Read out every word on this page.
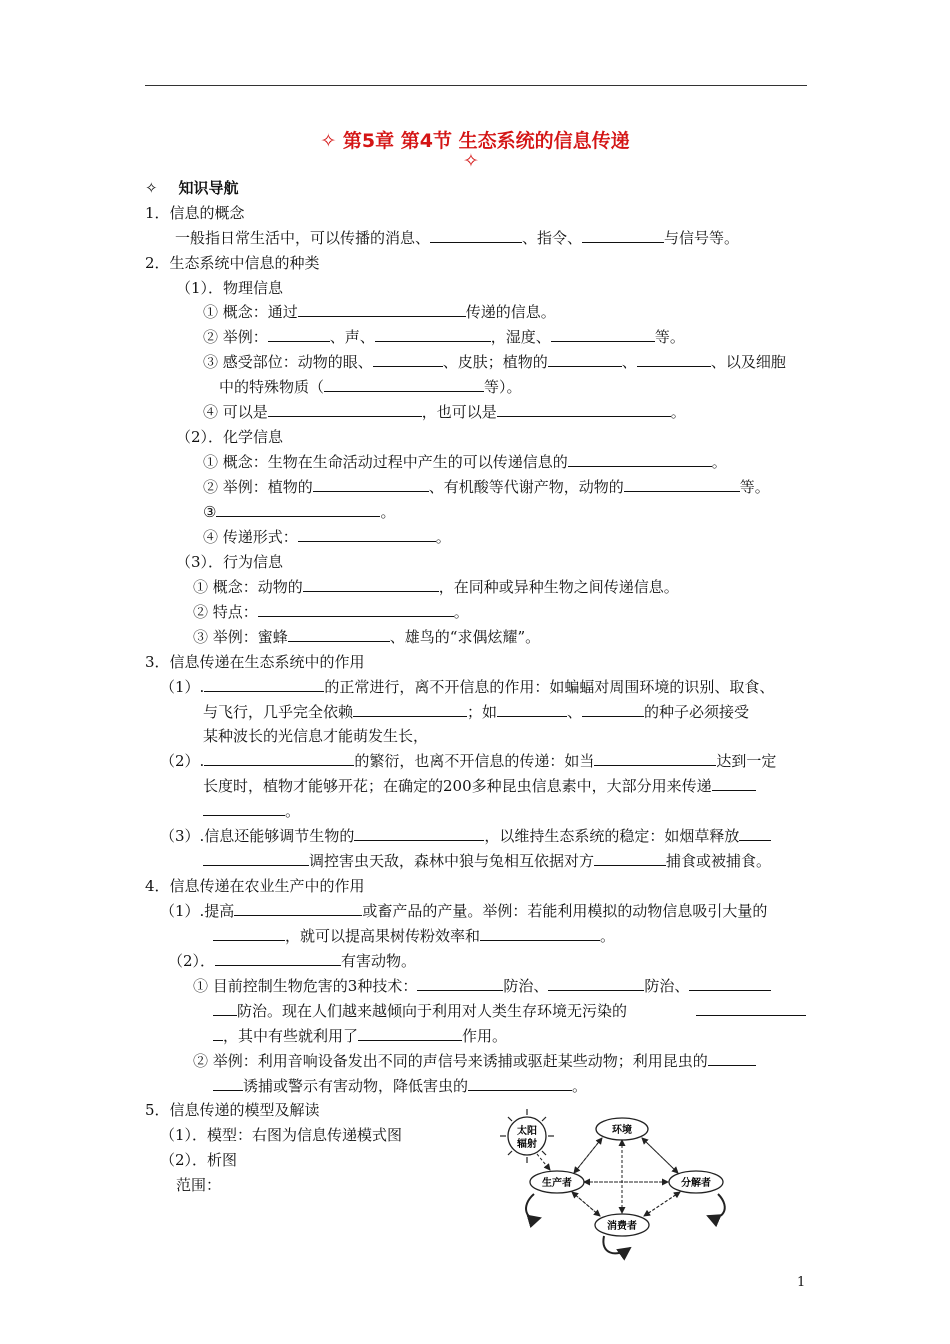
✧ 第5章 第4节 生态系统的信息传递
✧
✧ 知识导航
1．信息的概念
一般指日常生活中，可以传播的消息、	、指令、	与信号等。
2．生态系统中信息的种类
（1）．物理信息
① 概念：通过	传递的信息。
② 举例：	、声、	，湿度、	等。
③ 感受部位：动物的眼、	、皮肤；植物的	、	、以及细胞
中的特殊物质（	等）。
④ 可以是	，也可以是	。
（2）．化学信息
① 概念：生物在生命活动过程中产生的可以传递信息的	。
② 举例：植物的	、有机酸等代谢产物，动物的	等。
③	。
④ 传递形式：	。
（3）．行为信息
① 概念：动物的	，在同种或异种生物之间传递信息。
② 特点：	。
③ 举例：蜜蜂	、雄鸟的“求偶炫耀”。
3．信息传递在生态系统中的作用
（1）.	的正常进行，离不开信息的作用：如蝙蝠对周围环境的识别、取食、
与飞行，几乎完全依赖	；如	、	的种子必须接受
某种波长的光信息才能萌发生长，
（2）.	的繁衍，也离不开信息的传递：如当	达到一定
长度时，植物才能够开花；在确定的200多种昆虫信息素中，大部分用来传递
。
（3）.信息还能够调节生物的	，以维持生态系统的稳定：如烟草释放
调控害虫天敌，森林中狼与兔相互依据对方	捕食或被捕食。
4．信息传递在农业生产中的作用
（1）.提高	或畜产品的产量。举例：若能利用模拟的动物信息吸引大量的
，就可以提高果树传粉效率和	。
（2）．	有害动物。
① 目前控制生物危害的3种技术：	防治、	防治、
防治。现在人们越来越倾向于利用对人类生存环境无污染的
，其中有些就利用了	作用。
② 举例：利用音响设备发出不同的声信号来诱捕或驱赶某些动物；利用昆虫的
诱捕或警示有害动物，降低害虫的	。
5．信息传递的模型及解读
（1）．模型：右图为信息传递模式图
（2）．析图
范围：
太阳
辐射
环境
生产者	分解者
消费者
1
